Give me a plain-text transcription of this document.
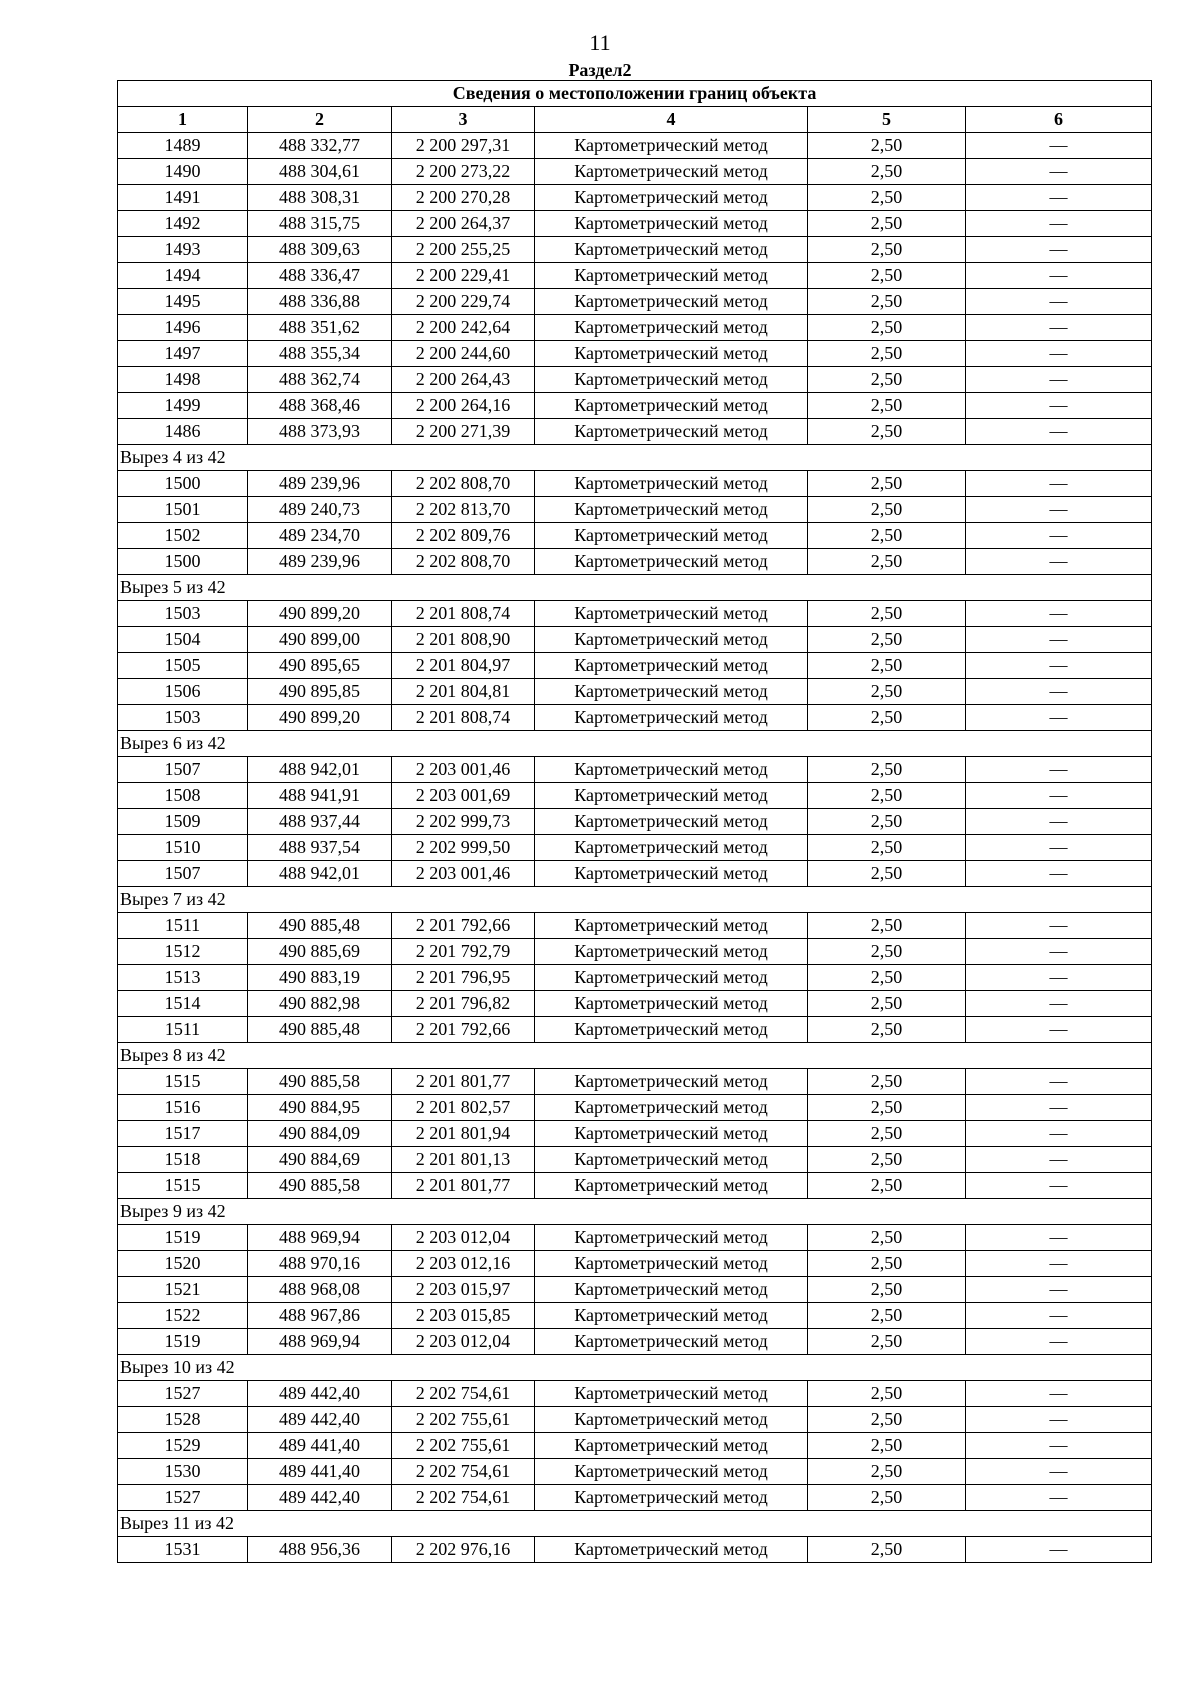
11
Раздел2
Сведения о местоположении границ объекта					
1	2	3	4	5	6
1489	488 332,77	2 200 297,31	Картометрический метод	2,50	—
1490	488 304,61	2 200 273,22	Картометрический метод	2,50	—
1491	488 308,31	2 200 270,28	Картометрический метод	2,50	—
1492	488 315,75	2 200 264,37	Картометрический метод	2,50	—
1493	488 309,63	2 200 255,25	Картометрический метод	2,50	—
1494	488 336,47	2 200 229,41	Картометрический метод	2,50	—
1495	488 336,88	2 200 229,74	Картометрический метод	2,50	—
1496	488 351,62	2 200 242,64	Картометрический метод	2,50	—
1497	488 355,34	2 200 244,60	Картометрический метод	2,50	—
1498	488 362,74	2 200 264,43	Картометрический метод	2,50	—
1499	488 368,46	2 200 264,16	Картометрический метод	2,50	—
1486	488 373,93	2 200 271,39	Картометрический метод	2,50	—
Вырез 4 из 42					
1500	489 239,96	2 202 808,70	Картометрический метод	2,50	—
1501	489 240,73	2 202 813,70	Картометрический метод	2,50	—
1502	489 234,70	2 202 809,76	Картометрический метод	2,50	—
1500	489 239,96	2 202 808,70	Картометрический метод	2,50	—
Вырез 5 из 42					
1503	490 899,20	2 201 808,74	Картометрический метод	2,50	—
1504	490 899,00	2 201 808,90	Картометрический метод	2,50	—
1505	490 895,65	2 201 804,97	Картометрический метод	2,50	—
1506	490 895,85	2 201 804,81	Картометрический метод	2,50	—
1503	490 899,20	2 201 808,74	Картометрический метод	2,50	—
Вырез 6 из 42					
1507	488 942,01	2 203 001,46	Картометрический метод	2,50	—
1508	488 941,91	2 203 001,69	Картометрический метод	2,50	—
1509	488 937,44	2 202 999,73	Картометрический метод	2,50	—
1510	488 937,54	2 202 999,50	Картометрический метод	2,50	—
1507	488 942,01	2 203 001,46	Картометрический метод	2,50	—
Вырез 7 из 42					
1511	490 885,48	2 201 792,66	Картометрический метод	2,50	—
1512	490 885,69	2 201 792,79	Картометрический метод	2,50	—
1513	490 883,19	2 201 796,95	Картометрический метод	2,50	—
1514	490 882,98	2 201 796,82	Картометрический метод	2,50	—
1511	490 885,48	2 201 792,66	Картометрический метод	2,50	—
Вырез 8 из 42					
1515	490 885,58	2 201 801,77	Картометрический метод	2,50	—
1516	490 884,95	2 201 802,57	Картометрический метод	2,50	—
1517	490 884,09	2 201 801,94	Картометрический метод	2,50	—
1518	490 884,69	2 201 801,13	Картометрический метод	2,50	—
1515	490 885,58	2 201 801,77	Картометрический метод	2,50	—
Вырез 9 из 42					
1519	488 969,94	2 203 012,04	Картометрический метод	2,50	—
1520	488 970,16	2 203 012,16	Картометрический метод	2,50	—
1521	488 968,08	2 203 015,97	Картометрический метод	2,50	—
1522	488 967,86	2 203 015,85	Картометрический метод	2,50	—
1519	488 969,94	2 203 012,04	Картометрический метод	2,50	—
Вырез 10 из 42					
1527	489 442,40	2 202 754,61	Картометрический метод	2,50	—
1528	489 442,40	2 202 755,61	Картометрический метод	2,50	—
1529	489 441,40	2 202 755,61	Картометрический метод	2,50	—
1530	489 441,40	2 202 754,61	Картометрический метод	2,50	—
1527	489 442,40	2 202 754,61	Картометрический метод	2,50	—
Вырез 11 из 42					
1531	488 956,36	2 202 976,16	Картометрический метод	2,50	—
